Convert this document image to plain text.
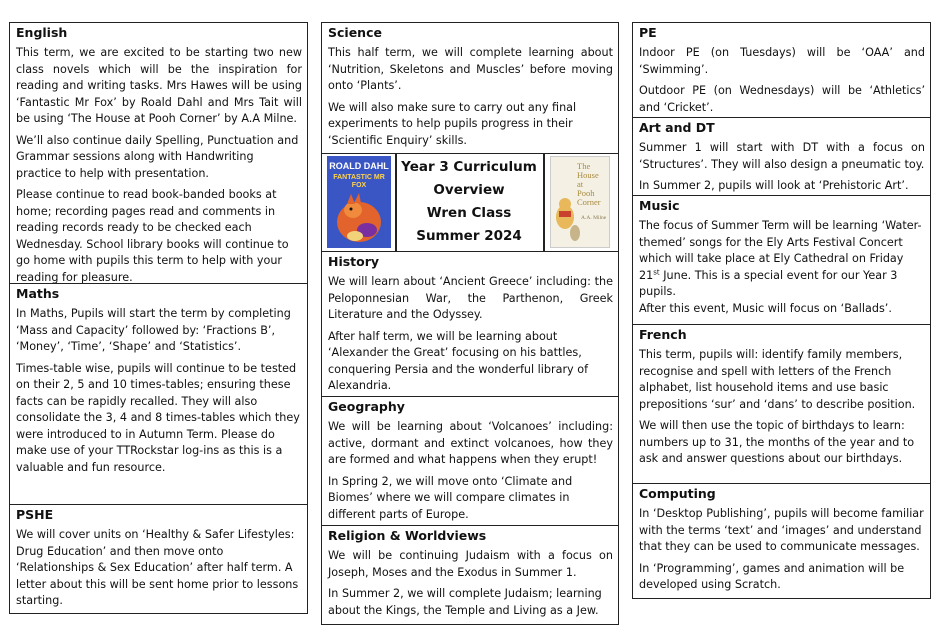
English

This term, we are excited to be starting two new class novels which will be the inspiration for reading and writing tasks. Mrs Hawes will be using ‘Fantastic Mr Fox’ by Roald Dahl and Mrs Tait will be using ‘The House at Pooh Corner’ by A.A Milne.

We’ll also continue daily Spelling, Punctuation and Grammar sessions along with Handwriting practice to help with presentation.

Please continue to read book-banded books at home; recording pages read and comments in reading records ready to be checked each Wednesday. School library books will continue to go home with pupils this term to help with your reading for pleasure.

Maths

In Maths, Pupils will start the term by completing ‘Mass and Capacity’ followed by: ‘Fractions B’, ‘Money’, ‘Time’, ‘Shape’ and ‘Statistics’.

Times-table wise, pupils will continue to be tested on their 2, 5 and 10 times-tables; ensuring these facts can be rapidly recalled. They will also consolidate the 3, 4 and 8 times-tables which they were introduced to in Autumn Term. Please do make use of your TTRockstar log-ins as this is a valuable and fun resource.

PSHE

We will cover units on ‘Healthy & Safer Lifestyles: Drug Education’ and then move onto ‘Relationships & Sex Education’ after half term. A letter about this will be sent home prior to lessons starting.

Science

This half term, we will complete learning about ‘Nutrition, Skeletons and Muscles’ before moving onto ‘Plants’.

We will also make sure to carry out any final experiments to help pupils progress in their ‘Scientific Enquiry’ skills.

ROALD DAHL
FANTASTIC MR FOX
Year 3 Curriculum
Overview
Wren Class
Summer 2024
The
House
at
Pooh
Corner
A.A. Milne
History

We will learn about ‘Ancient Greece’ including: the Peloponnesian War, the Parthenon, Greek Literature and the Odyssey.

After half term, we will be learning about ‘Alexander the Great’ focusing on his battles, conquering Persia and the wonderful library of Alexandria.

Geography

We will be learning about ‘Volcanoes’ including: active, dormant and extinct volcanoes, how they are formed and what happens when they erupt!

In Spring 2, we will move onto ‘Climate and Biomes’ where we will compare climates in different parts of Europe.

Religion & Worldviews

We will be continuing Judaism with a focus on Joseph, Moses and the Exodus in Summer 1.

In Summer 2, we will complete Judaism; learning about the Kings, the Temple and Living as a Jew.

PE

Indoor PE (on Tuesdays) will be ‘OAA’ and ‘Swimming’.

Outdoor PE (on Wednesdays) will be ‘Athletics’ and ‘Cricket’.

Art and DT

Summer 1 will start with DT with a focus on ‘Structures’. They will also design a pneumatic toy.

In Summer 2, pupils will look at ‘Prehistoric Art’.

Music

The focus of Summer Term will be learning ‘Water-themed’ songs for the Ely Arts Festival Concert which will take place at Ely Cathedral on Friday 21st June. This is a special event for our Year 3 pupils.

After this event, Music will focus on ‘Ballads’.

French

This term, pupils will: identify family members, recognise and spell with letters of the French alphabet, list household items and use basic prepositions ‘sur’ and ‘dans’ to describe position.

We will then use the topic of birthdays to learn: numbers up to 31, the months of the year and to ask and answer questions about our birthdays.

Computing

In ‘Desktop Publishing’, pupils will become familiar with the terms ‘text’ and ‘images’ and understand that they can be used to communicate messages.

In ‘Programming’, games and animation will be developed using Scratch.
